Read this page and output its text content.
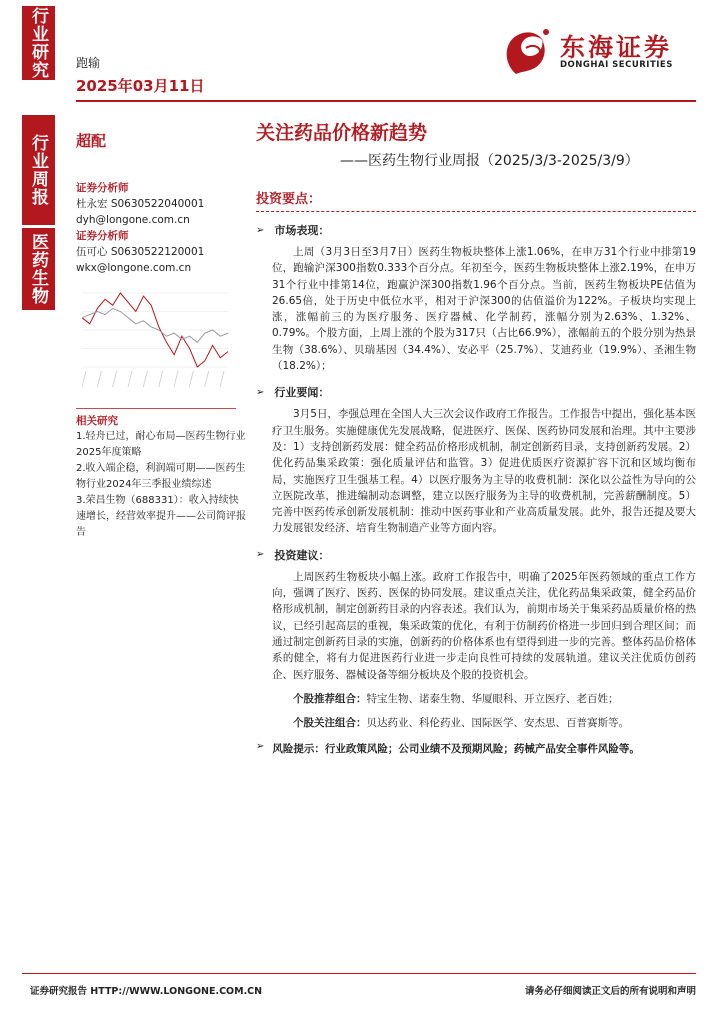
行业研究
行业周报
医药生物
跑输
2025年03月11日
东海证券
DONGHAI SECURITIES
超配	关注药品价格新趋势
——医药生物行业周报（2025/3/3-2025/3/9）
证券分析师
杜永宏 S0630522040001
dyh@longone.com.cn
证券分析师
伍可心 S0630522120001
wkx@longone.com.cn
相关研究
1.轻舟已过，耐心布局—医药生物行业2025年度策略
2.收入端企稳，利润端可期——医药生物行业2024年三季报业绩综述
3.荣昌生物（688331）：收入持续快速增长，经营效率提升——公司简评报告
投资要点：
➢ 市场表现：
上周（3月3日至3月7日）医药生物板块整体上涨1.06%，在申万31个行业中排第19位，跑输沪深300指数0.333个百分点。年初至今，医药生物板块整体上涨2.19%，在申万31个行业中排第14位，跑赢沪深300指数1.96个百分点。当前，医药生物板块PE估值为26.65倍，处于历史中低位水平，相对于沪深300的估值溢价为122%。子板块均实现上涨，涨幅前三的为医疗服务、医疗器械、化学制药，涨幅分别为2.63%、1.32%、0.79%。个股方面，上周上涨的个股为317只（占比66.9%），涨幅前五的个股分别为热景生物（38.6%）、贝瑞基因（34.4%）、安必平（25.7%）、艾迪药业（19.9%）、圣湘生物（18.2%）；
➢ 行业要闻：
3月5日，李强总理在全国人大三次会议作政府工作报告。工作报告中提出，强化基本医疗卫生服务。实施健康优先发展战略，促进医疗、医保、医药协同发展和治理。其中主要涉及：1）支持创新药发展：健全药品价格形成机制，制定创新药目录，支持创新药发展。2）优化药品集采政策：强化质量评估和监管。3）促进优质医疗资源扩容下沉和区域均衡布局，实施医疗卫生强基工程。4）以医疗服务为主导的收费机制：深化以公益性为导向的公立医院改革，推进编制动态调整，建立以医疗服务为主导的收费机制，完善薪酬制度。5）完善中医药传承创新发展机制：推动中医药事业和产业高质量发展。此外，报告还提及要大力发展银发经济、培育生物制造产业等方面内容。
➢ 投资建议：
上周医药生物板块小幅上涨。政府工作报告中，明确了2025年医药领域的重点工作方向，强调了医疗、医药、医保的协同发展。建议重点关注，优化药品集采政策，健全药品价格形成机制，制定创新药目录的内容表述。我们认为，前期市场关于集采药品质量价格的热议，已经引起高层的重视，集采政策的优化，有利于仿制药价格进一步回归到合理区间；而通过制定创新药目录的实施，创新药的价格体系也有望得到进一步的完善。整体药品价格体系的健全，将有力促进医药行业进一步走向良性可持续的发展轨道。建议关注优质仿创药企、医疗服务、器械设备等细分板块及个股的投资机会。
个股推荐组合：特宝生物、诺泰生物、华厦眼科、开立医疗、老百姓；
个股关注组合：贝达药业、科伦药业、国际医学、安杰思、百普赛斯等。
➢ 风险提示：行业政策风险；公司业绩不及预期风险；药械产品安全事件风险等。
证券研究报告 HTTP://WWW.LONGONE.COM.CN	请务必仔细阅读正文后的所有说明和声明
